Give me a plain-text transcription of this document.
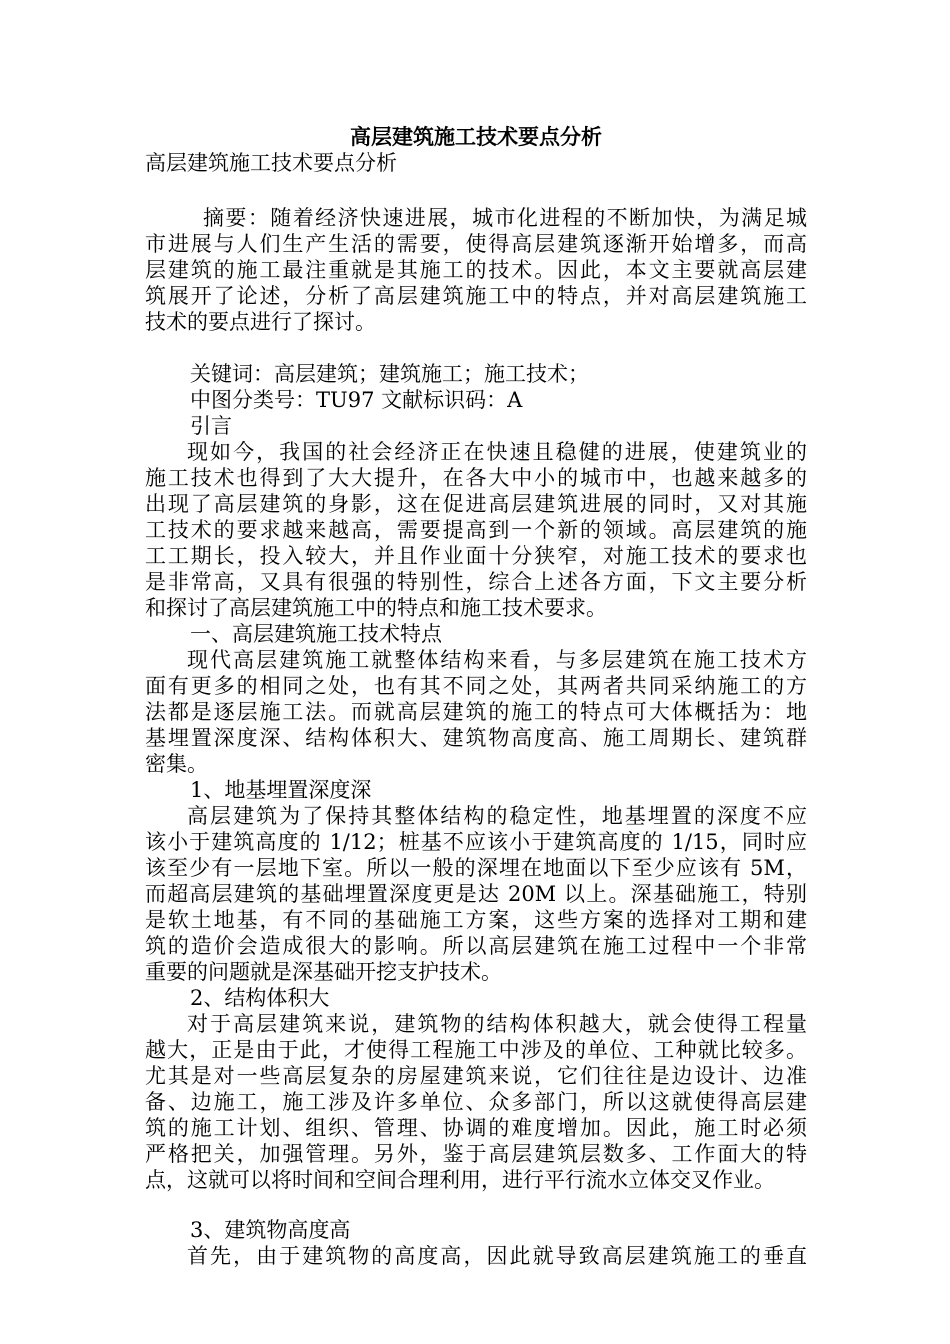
高层建筑施工技术要点分析

高层建筑施工技术要点分析

摘要：随着经济快速进展，城市化进程的不断加快，为满足城
市进展与人们生产生活的需要，使得高层建筑逐渐开始增多，而高
层建筑的施工最注重就是其施工的技术。因此，本文主要就高层建
筑展开了论述，分析了高层建筑施工中的特点，并对高层建筑施工
技术的要点进行了探讨。

关键词：高层建筑；建筑施工；施工技术；

中图分类号：TU97 文献标识码：A

引言

现如今，我国的社会经济正在快速且稳健的进展，使建筑业的
施工技术也得到了大大提升，在各大中小的城市中，也越来越多的
出现了高层建筑的身影，这在促进高层建筑进展的同时，又对其施
工技术的要求越来越高，需要提高到一个新的领域。高层建筑的施
工工期长，投入较大，并且作业面十分狭窄，对施工技术的要求也
是非常高，又具有很强的特别性，综合上述各方面，下文主要分析
和探讨了高层建筑施工中的特点和施工技术要求。

一、高层建筑施工技术特点

现代高层建筑施工就整体结构来看，与多层建筑在施工技术方
面有更多的相同之处，也有其不同之处，其两者共同采纳施工的方
法都是逐层施工法。而就高层建筑的施工的特点可大体概括为：地
基埋置深度深、结构体积大、建筑物高度高、施工周期长、建筑群
密集。

1、地基埋置深度深

高层建筑为了保持其整体结构的稳定性，地基埋置的深度不应
该小于建筑高度的 1/12；桩基不应该小于建筑高度的 1/15，同时应
该至少有一层地下室。所以一般的深埋在地面以下至少应该有 5M，
而超高层建筑的基础埋置深度更是达 20M 以上。深基础施工，特别
是软土地基，有不同的基础施工方案，这些方案的选择对工期和建
筑的造价会造成很大的影响。所以高层建筑在施工过程中一个非常
重要的问题就是深基础开挖支护技术。

2、结构体积大

对于高层建筑来说，建筑物的结构体积越大，就会使得工程量
越大，正是由于此，才使得工程施工中涉及的单位、工种就比较多。
尤其是对一些高层复杂的房屋建筑来说，它们往往是边设计、边准
备、边施工，施工涉及许多单位、众多部门，所以这就使得高层建
筑的施工计划、组织、管理、协调的难度增加。因此，施工时必须
严格把关，加强管理。另外，鉴于高层建筑层数多、工作面大的特
点，这就可以将时间和空间合理利用，进行平行流水立体交叉作业。

3、建筑物高度高

首先，由于建筑物的高度高，因此就导致高层建筑施工的垂直
